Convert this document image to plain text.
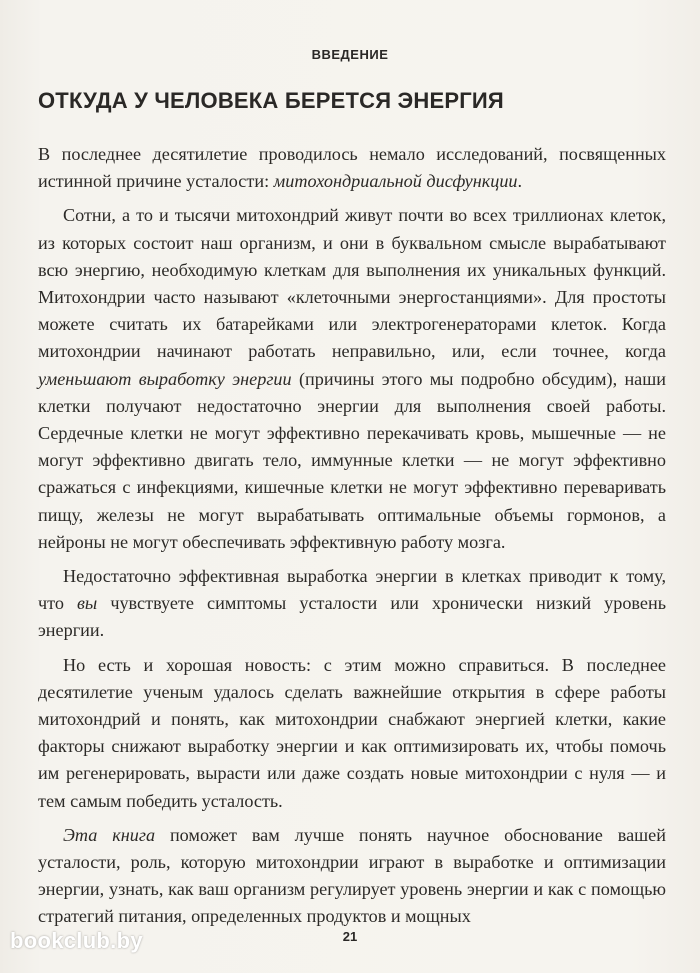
ВВЕДЕНИЕ
ОТКУДА У ЧЕЛОВЕКА БЕРЕТСЯ ЭНЕРГИЯ

В последнее десятилетие проводилось немало исследований, посвященных истинной причине усталости: митохондриальной дисфункции.

Сотни, а то и тысячи митохондрий живут почти во всех триллионах клеток, из которых состоит наш организм, и они в буквальном смысле вырабатывают всю энергию, необходимую клеткам для выполнения их уникальных функций. Митохондрии часто называют «клеточными энергостанциями». Для простоты можете считать их батарейками или электрогенераторами клеток. Когда митохондрии начинают работать неправильно, или, если точнее, когда уменьшают выработку энергии (причины этого мы подробно обсудим), наши клетки получают недостаточно энергии для выполнения своей работы. Сердечные клетки не могут эффективно перекачивать кровь, мышечные — не могут эффективно двигать тело, иммунные клетки — не могут эффективно сражаться с инфекциями, кишечные клетки не могут эффективно переваривать пищу, железы не могут вырабатывать оптимальные объемы гормонов, а нейроны не могут обеспечивать эффективную работу мозга.

Недостаточно эффективная выработка энергии в клетках приводит к тому, что вы чувствуете симптомы усталости или хронически низкий уровень энергии.

Но есть и хорошая новость: с этим можно справиться. В последнее десятилетие ученым удалось сделать важнейшие открытия в сфере работы митохондрий и понять, как митохондрии снабжают энергией клетки, какие факторы снижают выработку энергии и как оптимизировать их, чтобы помочь им регенерировать, вырасти или даже создать новые митохондрии с нуля — и тем самым победить усталость.

Эта книга поможет вам лучше понять научное обоснование вашей усталости, роль, которую митохондрии играют в выработке и оптимизации энергии, узнать, как ваш организм регулирует уровень энергии и как с помощью стратегий питания, определенных продуктов и мощных

21
bookclub.by
